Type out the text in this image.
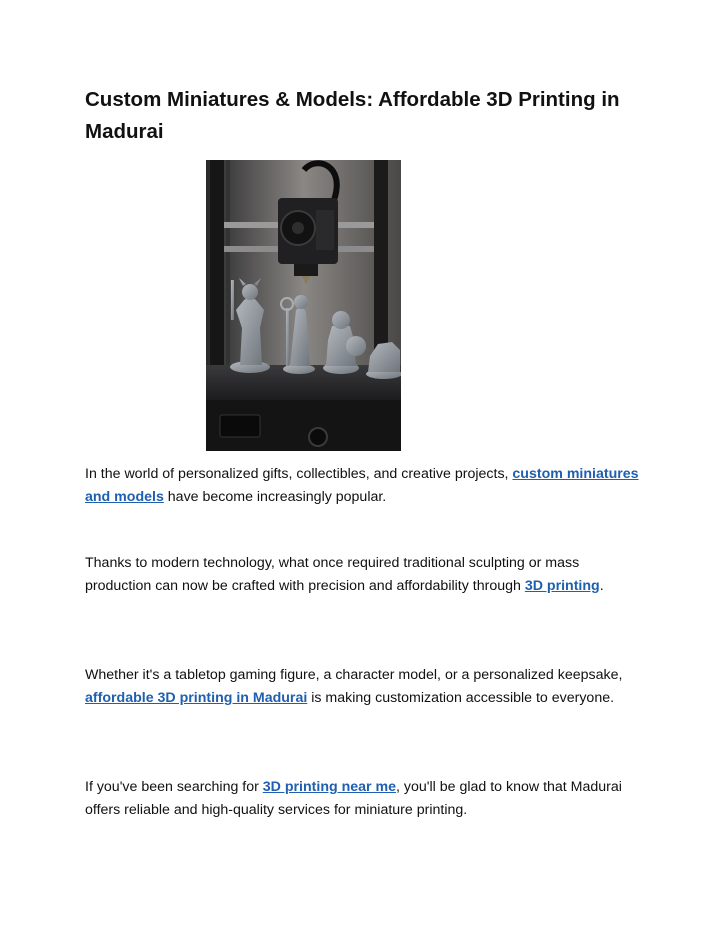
Custom Miniatures & Models: Affordable 3D Printing in Madurai

In the world of personalized gifts, collectibles, and creative projects, custom miniatures and models have become increasingly popular.

Thanks to modern technology, what once required traditional sculpting or mass production can now be crafted with precision and affordability through 3D printing.

Whether it's a tabletop gaming figure, a character model, or a personalized keepsake, affordable 3D printing in Madurai is making customization accessible to everyone.

If you've been searching for 3D printing near me, you'll be glad to know that Madurai offers reliable and high-quality services for miniature printing.
